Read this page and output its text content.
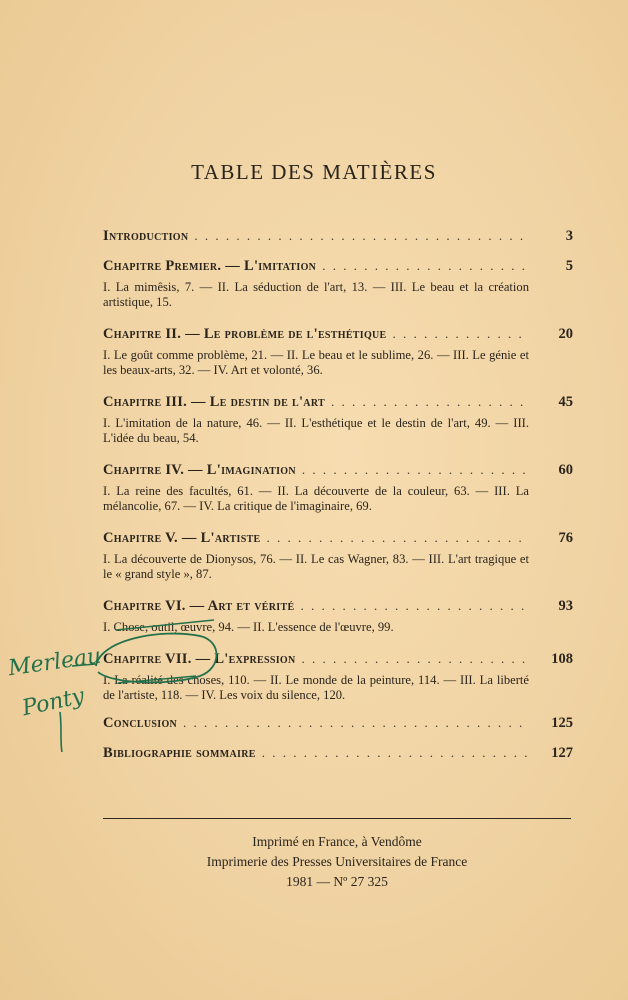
TABLE DES MATIÈRES
Introduction . . .	3
Chapitre Premier. — L'imitation . . .	5
I. La mimêsis, 7. — II. La séduction de l'art, 13. — III. Le beau et la création artistique, 15.
Chapitre II. — Le problème de l'esthétique . . .	20
I. Le goût comme problème, 21. — II. Le beau et le sublime, 26. — III. Le génie et les beaux-arts, 32. — IV. Art et volonté, 36.
Chapitre III. — Le destin de l'art . . .	45
I. L'imitation de la nature, 46. — II. L'esthétique et le destin de l'art, 49. — III. L'idée du beau, 54.
Chapitre IV. — L'imagination . . .	60
I. La reine des facultés, 61. — II. La découverte de la couleur, 63. — III. La mélancolie, 67. — IV. La critique de l'imaginaire, 69.
Chapitre V. — L'artiste . . .	76
I. La découverte de Dionysos, 76. — II. Le cas Wagner, 83. — III. L'art tragique et le « grand style », 87.
Chapitre VI. — Art et vérité . . .	93
I. Chose, outil, œuvre, 94. — II. L'essence de l'œuvre, 99.
Chapitre VII. — L'expression . . .	108
I. La réalité des choses, 110. — II. Le monde de la peinture, 114. — III. La liberté de l'artiste, 118. — IV. Les voix du silence, 120.
Conclusion . . .	125
Bibliographie sommaire . . .	127
Imprimé en France, à Vendôme
Imprimerie des Presses Universitaires de France
1981 — Nº 27 325
Merleau
Ponty
